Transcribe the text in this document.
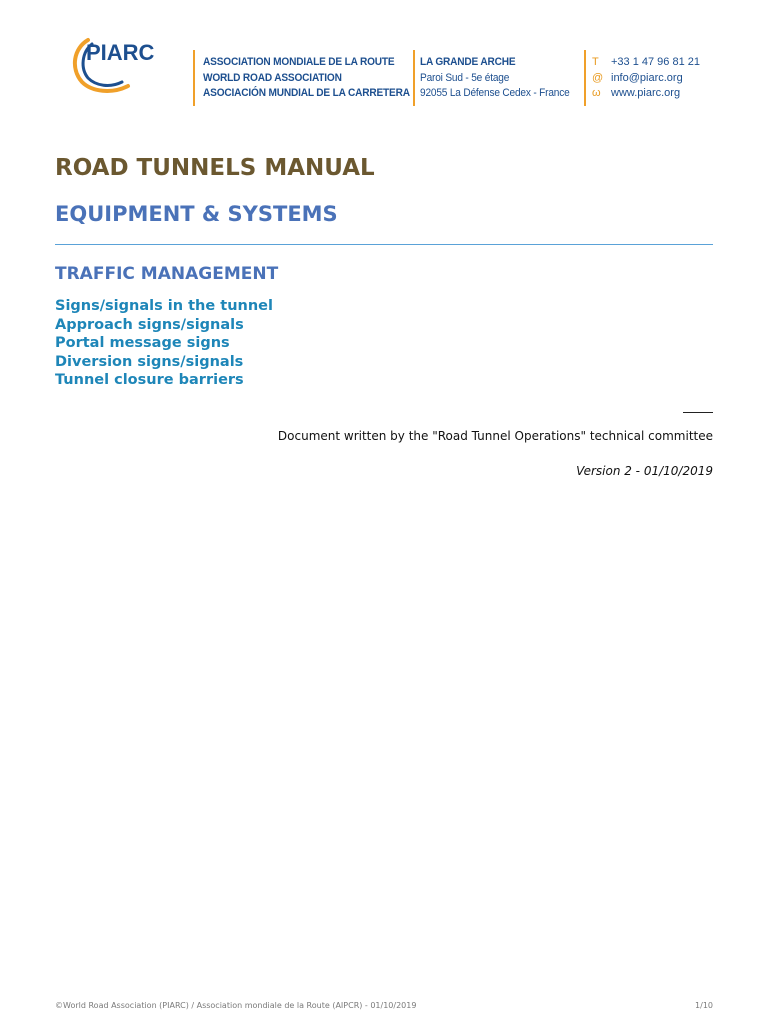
PIARC	ASSOCIATION MONDIALE DE LA ROUTE
WORLD ROAD ASSOCIATION
ASOCIACIÓN MUNDIAL DE LA CARRETERA
LA GRANDE ARCHE
Paroi Sud - 5e étage
92055 La Défense Cedex - France
T
@
ω
+33 1 47 96 81 21
info@piarc.org
www.piarc.org
ROAD TUNNELS MANUAL
EQUIPMENT & SYSTEMS
TRAFFIC MANAGEMENT
Signs/signals in the tunnel
Approach signs/signals
Portal message signs
Diversion signs/signals
Tunnel closure barriers
Document written by the "Road Tunnel Operations" technical committee
Version 2 - 01/10/2019
©World Road Association (PIARC) / Association mondiale de la Route (AIPCR) - 01/10/2019	1/10
